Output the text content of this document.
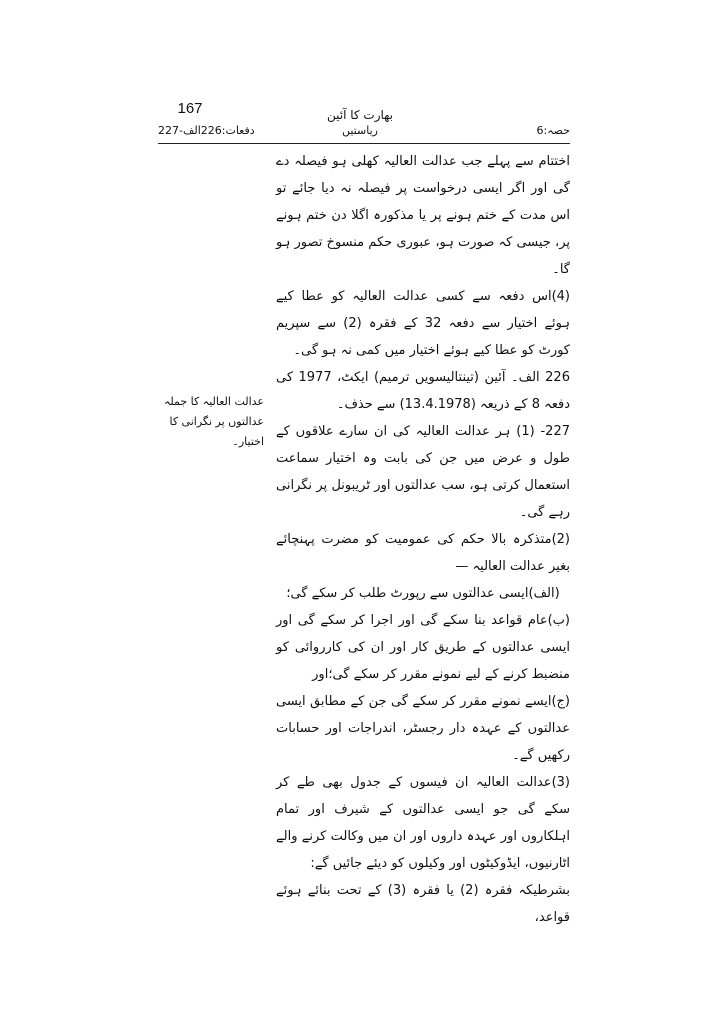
167	بھارت کا آئین
ریاستیں
دفعات:226الف-227	حصہ:6
عدالت العالیہ کا جملہ
عدالتوں پر نگرانی کا
اختیار۔

اختتام سے پہلے جب عدالت العالیہ کھلی ہو فیصلہ دے گی اور اگر ایسی درخواست پر فیصلہ نہ دیا جائے تو اس مدت کے ختم ہونے پر یا مذکورہ اگلا دن ختم ہونے پر، جیسی کہ صورت ہو، عبوری حکم منسوخ تصور ہو گا۔

(4)اس دفعہ سے کسی عدالت العالیہ کو عطا کیے ہوئے اختیار سے دفعہ 32 کے فقرہ (2) سے سپریم کورٹ کو عطا کیے ہوئے اختیار میں کمی نہ ہو گی۔

226 الف۔ آئین (تینتالیسویں ترمیم) ایکٹ، 1977 کی دفعہ 8 کے ذریعہ (13.4.1978) سے حذف۔

227- (1) ہر عدالت العالیہ کی ان سارے علاقوں کے طول و عرض میں جن کی بابت وہ اختیار سماعت استعمال کرتی ہو، سب عدالتوں اور ٹریبونل پر نگرانی رہے گی۔

(2)متذکرہ بالا حکم کی عمومیت کو مضرت پہنچائے بغیر عدالت العالیہ —

(الف)ایسی عدالتوں سے رپورٹ طلب کر سکے گی؛

(ب)عام قواعد بنا سکے گی اور اجرا کر سکے گی اور ایسی عدالتوں کے طریق کار اور ان کی کارروائی کو منضبط کرنے کے لیے نمونے مقرر کر سکے گی؛اور

(ج)ایسے نمونے مقرر کر سکے گی جن کے مطابق ایسی عدالتوں کے عہدہ دار رجسٹر، اندراجات اور حسابات رکھیں گے۔

(3)عدالت العالیہ ان فیسوں کے جدول بھی طے کر سکے گی جو ایسی عدالتوں کے شیرف اور تمام اہلکاروں اور عہدہ داروں اور ان میں وکالت کرنے والے اٹارنیوں، ایڈوکیٹوں اور وکیلوں کو دیئے جائیں گے:

بشرطیکہ فقرہ (2) یا فقرہ (3) کے تحت بنائے ہوئے قواعد،
